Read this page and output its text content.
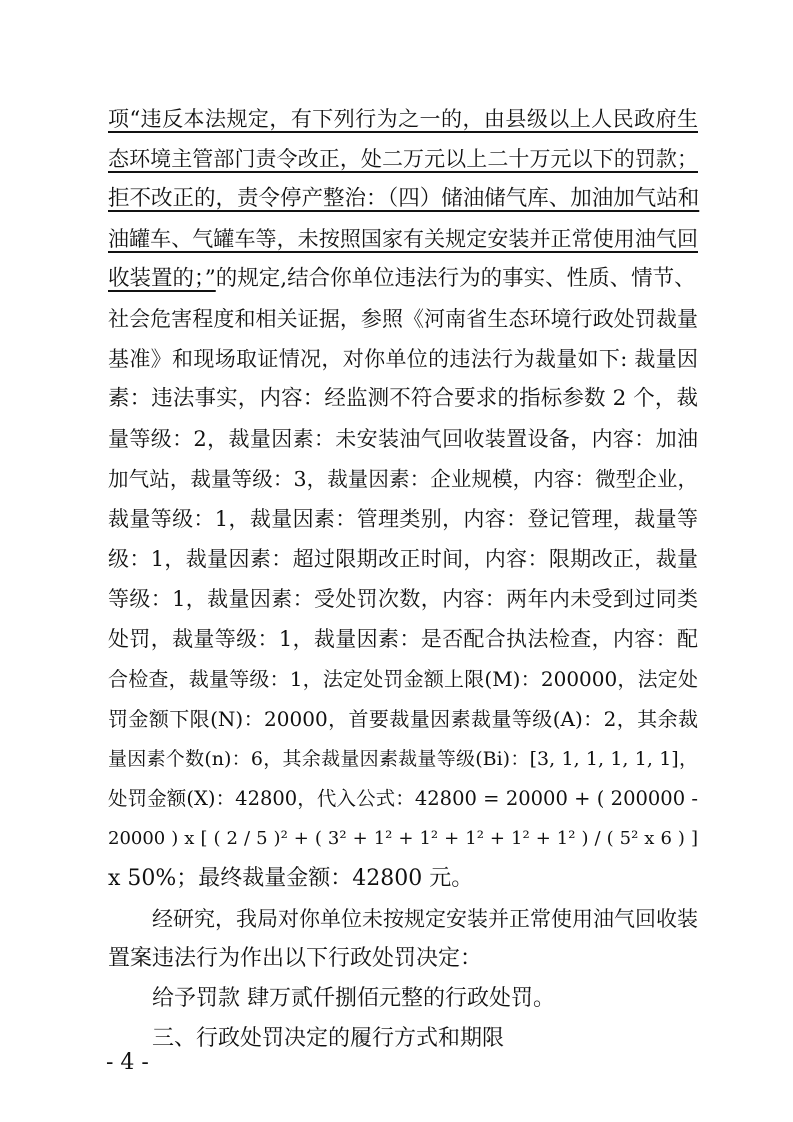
项“违反本法规定，有下列行为之一的，由县级以上人民政府生
态环境主管部门责令改正，处二万元以上二十万元以下的罚款；
拒不改正的，责令停产整治：（四）储油储气库、加油加气站和
油罐车、气罐车等，未按照国家有关规定安装并正常使用油气回
收装置的；”的规定,结合你单位违法行为的事实、性质、情节、
社会危害程度和相关证据，参照《河南省生态环境行政处罚裁量
基准》和现场取证情况，对你单位的违法行为裁量如下: 裁量因
素：违法事实，内容：经监测不符合要求的指标参数 2 个，裁
量等级：2，裁量因素：未安装油气回收装置设备，内容：加油
加气站，裁量等级：3，裁量因素：企业规模，内容：微型企业，
裁量等级：1，裁量因素：管理类别，内容：登记管理，裁量等
级：1，裁量因素：超过限期改正时间，内容：限期改正，裁量
等级：1，裁量因素：受处罚次数，内容：两年内未受到过同类
处罚，裁量等级：1，裁量因素：是否配合执法检查，内容：配
合检查，裁量等级：1，法定处罚金额上限(M)：200000，法定处
罚金额下限(N)：20000，首要裁量因素裁量等级(A)：2，其余裁
量因素个数(n)：6，其余裁量因素裁量等级(Bi)：[3, 1, 1, 1, 1, 1]，
处罚金额(X)：42800，代入公式：42800 = 20000 + ( 200000 -
20000 ) x [ ( 2 / 5 )² + ( 3² + 1² + 1² + 1² + 1² + 1² ) / ( 5² x 6 ) ]
x 50%；最终裁量金额：42800 元。
经研究，我局对你单位未按规定安装并正常使用油气回收装
置案违法行为作出以下行政处罚决定：
给予罚款 肆万贰仟捌佰元整的行政处罚。
三、行政处罚决定的履行方式和期限
- 4 -
